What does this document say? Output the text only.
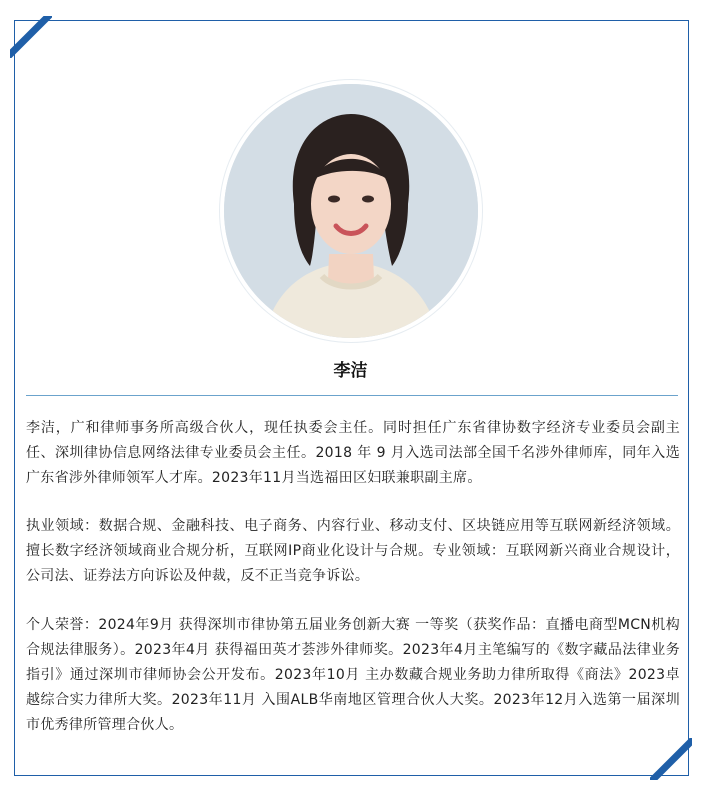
李洁
李洁，广和律师事务所高级合伙人，现任执委会主任。同时担任广东省律协数字经济专业委员会副主任、深圳律协信息网络法律专业委员会主任。2018 年 9 月入选司法部全国千名涉外律师库，同年入选广东省涉外律师领军人才库。2023年11月当选福田区妇联兼职副主席。
执业领域：数据合规、金融科技、电子商务、内容行业、移动支付、区块链应用等互联网新经济领域。擅长数字经济领域商业合规分析，互联网IP商业化设计与合规。专业领域：互联网新兴商业合规设计，公司法、证券法方向诉讼及仲裁，反不正当竞争诉讼。
个人荣誉：2024年9月 获得深圳市律协第五届业务创新大赛 一等奖（获奖作品：直播电商型MCN机构合规法律服务）。2023年4月 获得福田英才荟涉外律师奖。2023年4月主笔编写的《数字藏品法律业务指引》通过深圳市律师协会公开发布。2023年10月 主办数藏合规业务助力律所取得《商法》2023卓越综合实力律所大奖。2023年11月 入围ALB华南地区管理合伙人大奖。2023年12月入选第一届深圳市优秀律所管理合伙人。
